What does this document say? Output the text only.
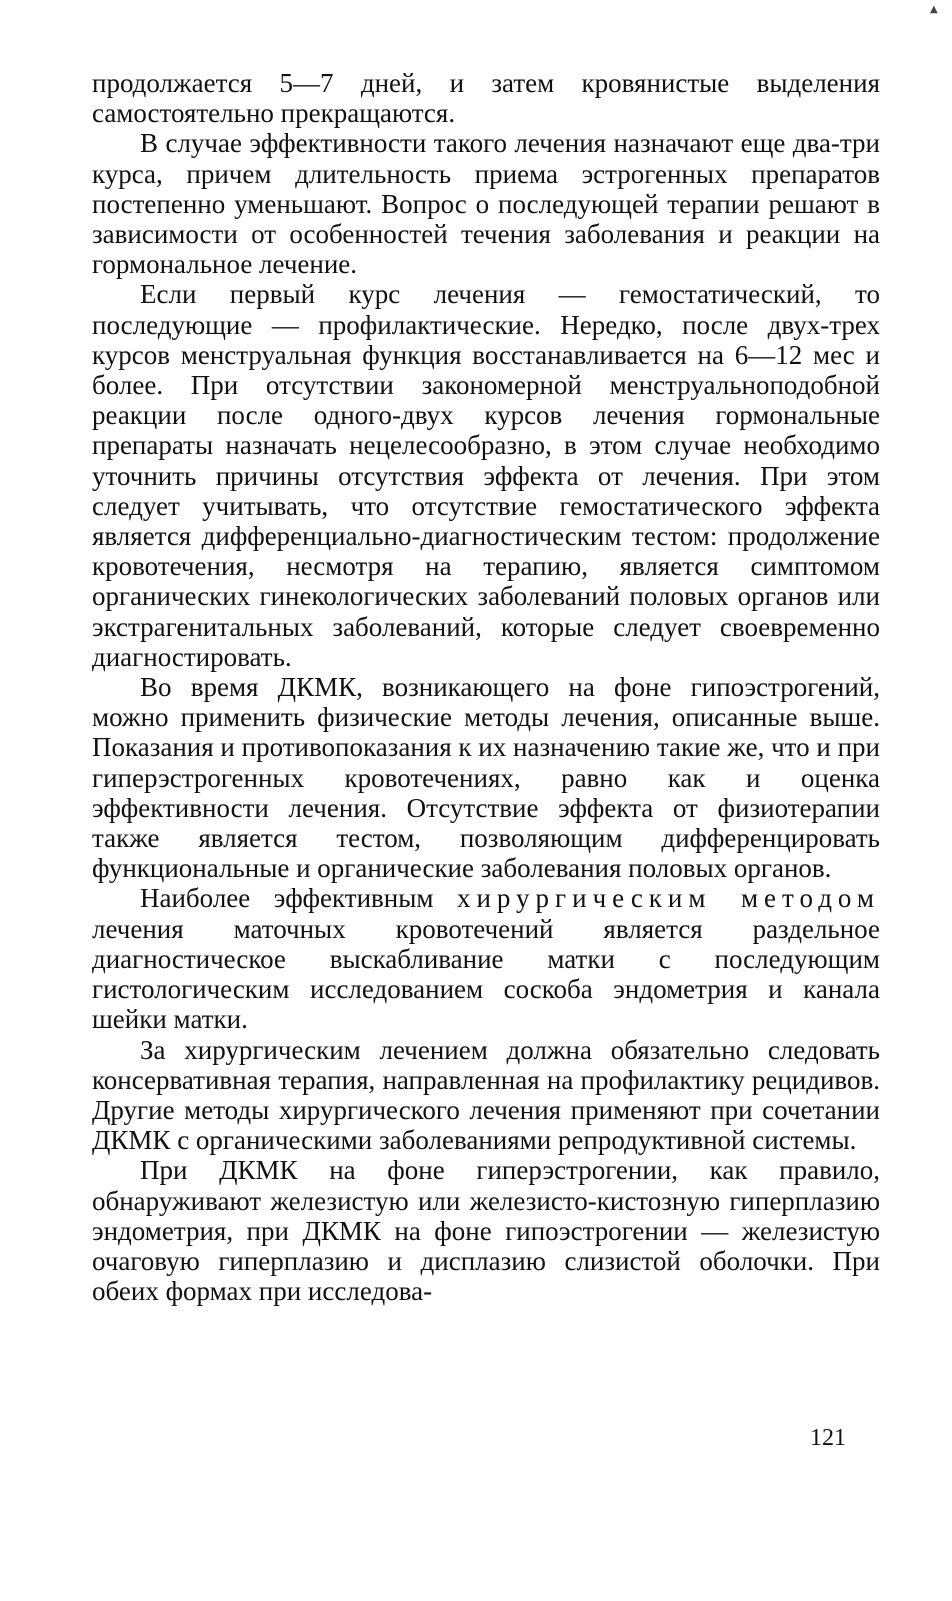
▲

продолжается 5—7 дней, и затем кровянистые выделения самостоятельно прекращаются.

В случае эффективности такого лечения назначают еще два-три курса, причем длительность приема эстрогенных препаратов постепенно уменьшают. Вопрос о последующей терапии решают в зависимости от особенностей течения заболевания и реакции на гормональное лечение.

Если первый курс лечения — гемостатический, то последующие — профилактические. Нередко, после двух-трех курсов менструальная функция восстанавливается на 6—12 мес и более. При отсутствии закономерной менструальноподобной реакции после одного-двух курсов лечения гормональные препараты назначать нецелесообразно, в этом случае необходимо уточнить причины отсутствия эффекта от лечения. При этом следует учитывать, что отсутствие гемостатического эффекта является дифференциально-диагностическим тестом: продолжение кровотечения, несмотря на терапию, является симптомом органических гинекологических заболеваний половых органов или экстрагенитальных заболеваний, которые следует своевременно диагностировать.

Во время ДКМК, возникающего на фоне гипоэстрогений, можно применить физические методы лечения, описанные выше. Показания и противопоказания к их назначению такие же, что и при гиперэстрогенных кровотечениях, равно как и оценка эффективности лечения. Отсутствие эффекта от физиотерапии также является тестом, позволяющим дифференцировать функциональные и органические заболевания половых органов.

Наиболее эффективным хирургическим методом лечения маточных кровотечений является раздельное диагностическое выскабливание матки с последующим гистологическим исследованием соскоба эндометрия и канала шейки матки.

За хирургическим лечением должна обязательно следовать консервативная терапия, направленная на профилактику рецидивов. Другие методы хирургического лечения применяют при сочетании ДКМК с органическими заболеваниями репродуктивной системы.

При ДКМК на фоне гиперэстрогении, как правило, обнаруживают железистую или железисто-кистозную гиперплазию эндометрия, при ДКМК на фоне гипоэстрогении — железистую очаговую гиперплазию и дисплазию слизистой оболочки. При обеих формах при исследова-

121
